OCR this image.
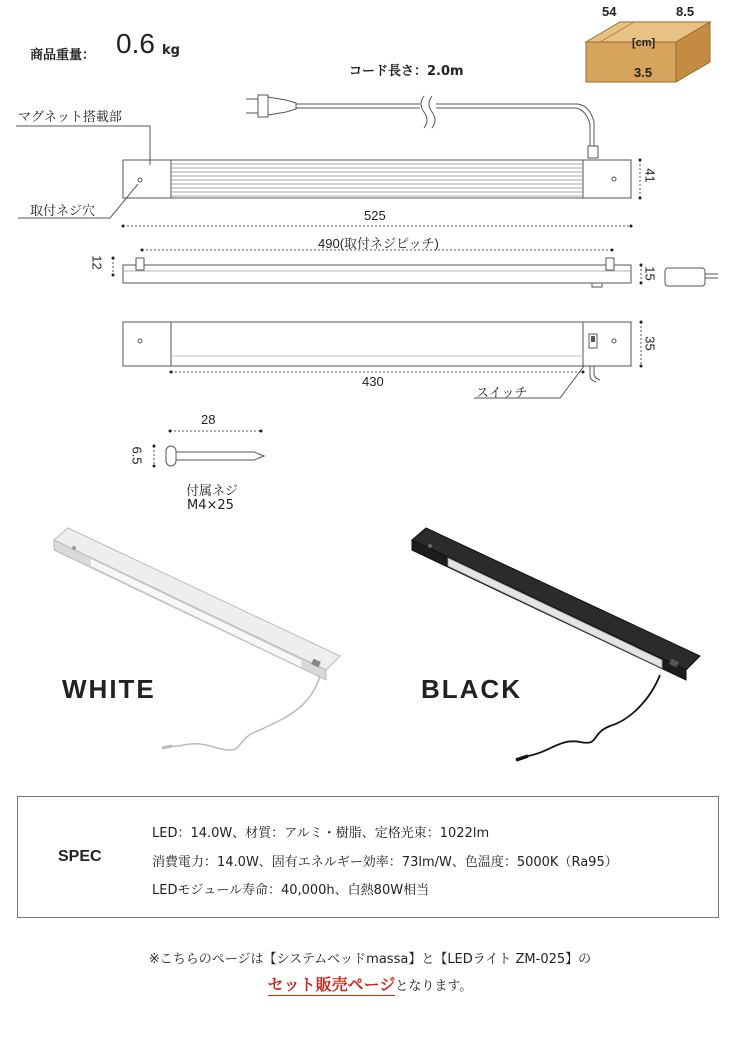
商品重量： 0.6 kg
コード長さ：2.0m
54	8.5
[cm]
3.5
マグネット搭載部
取付ネジ穴	525
490(取付ネジピッチ)
41
12
15
35
430
スイッチ
28
6.5
付属ネジ
M4×25
WHITE	BLACK
SPEC
LED：14.0W、材質：アルミ・樹脂、定格光束：1022lm
消費電力：14.0W、固有エネルギー効率：73lm/W、色温度：5000K（Ra95）
LEDモジュール寿命：40,000h、白熱80W相当
※こちらのページは【システムベッドmassa】と【LEDライト ZM-025】の
セット販売ページとなります。
